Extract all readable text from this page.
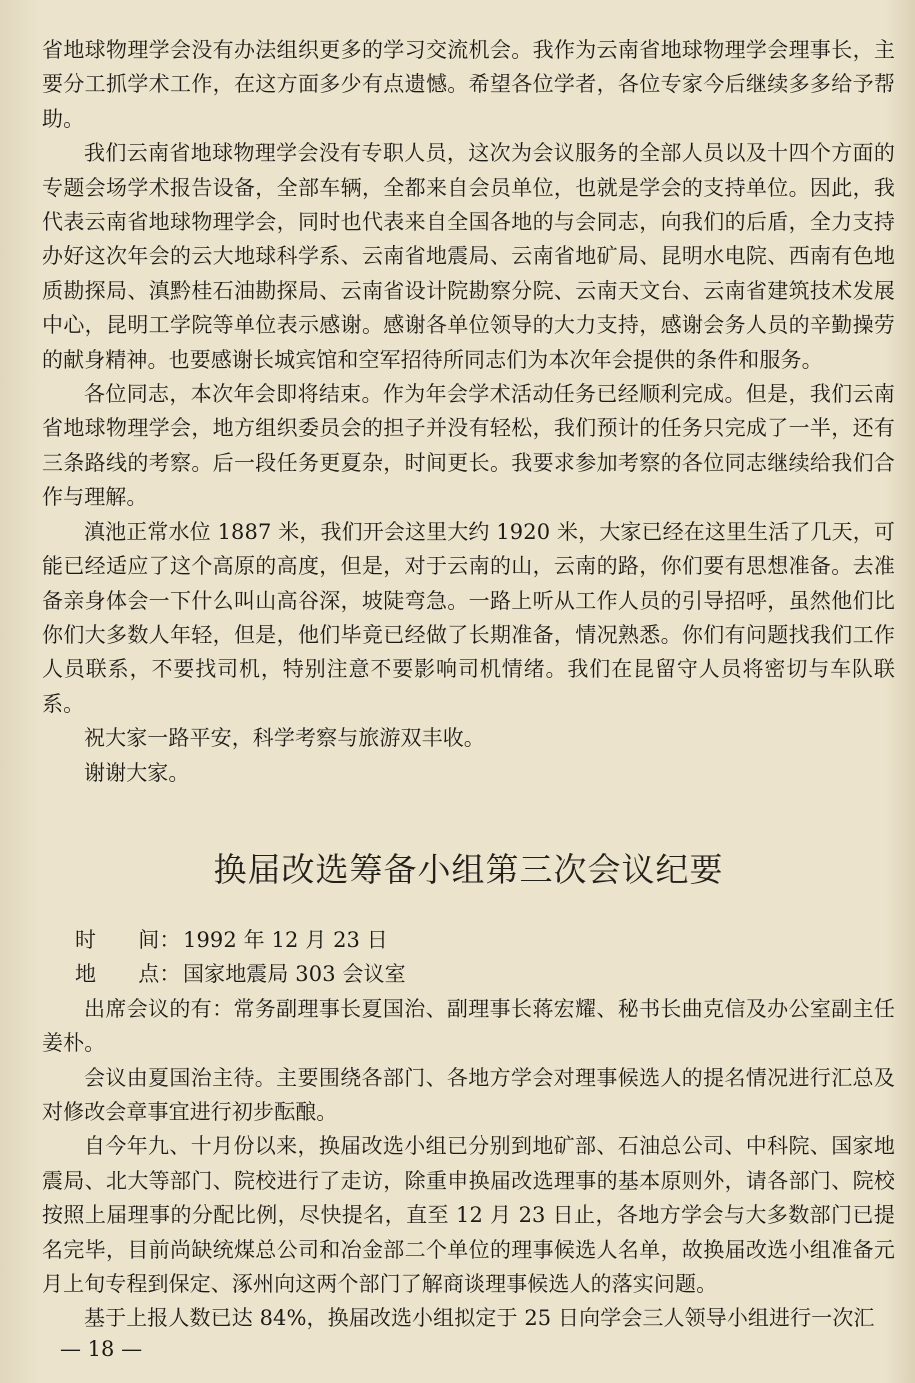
省地球物理学会没有办法组织更多的学习交流机会。我作为云南省地球物理学会理事长，主要分工抓学术工作，在这方面多少有点遗憾。希望各位学者，各位专家今后继续多多给予帮助。

我们云南省地球物理学会没有专职人员，这次为会议服务的全部人员以及十四个方面的专题会场学术报告设备，全部车辆，全都来自会员单位，也就是学会的支持单位。因此，我代表云南省地球物理学会，同时也代表来自全国各地的与会同志，向我们的后盾，全力支持办好这次年会的云大地球科学系、云南省地震局、云南省地矿局、昆明水电院、西南有色地质勘探局、滇黔桂石油勘探局、云南省设计院勘察分院、云南天文台、云南省建筑技术发展中心，昆明工学院等单位表示感谢。感谢各单位领导的大力支持，感谢会务人员的辛勤操劳的献身精神。也要感谢长城宾馆和空军招待所同志们为本次年会提供的条件和服务。

各位同志，本次年会即将结束。作为年会学术活动任务已经顺利完成。但是，我们云南省地球物理学会，地方组织委员会的担子并没有轻松，我们预计的任务只完成了一半，还有三条路线的考察。后一段任务更夏杂，时间更长。我要求参加考察的各位同志继续给我们合作与理解。

滇池正常水位 1887 米，我们开会这里大约 1920 米，大家已经在这里生活了几天，可能已经适应了这个高原的高度，但是，对于云南的山，云南的路，你们要有思想准备。去准备亲身体会一下什么叫山高谷深，坡陡弯急。一路上听从工作人员的引导招呼，虽然他们比你们大多数人年轻，但是，他们毕竟已经做了长期准备，情况熟悉。你们有问题找我们工作人员联系，不要找司机，特别注意不要影响司机情绪。我们在昆留守人员将密切与车队联系。

祝大家一路平安，科学考察与旅游双丰收。

谢谢大家。

换届改选筹备小组第三次会议纪要
时　　间： 1992 年 12 月 23 日
地　　点： 国家地震局 303 会议室

出席会议的有：常务副理事长夏国治、副理事长蒋宏耀、秘书长曲克信及办公室副主任姜朴。

会议由夏国治主待。主要围绕各部门、各地方学会对理事候选人的提名情况进行汇总及对修改会章事宜进行初步酝酿。

自今年九、十月份以来，换届改选小组已分别到地矿部、石油总公司、中科院、国家地震局、北大等部门、院校进行了走访，除重申换届改选理事的基本原则外，请各部门、院校按照上届理事的分配比例，尽快提名，直至 12 月 23 日止，各地方学会与大多数部门已提名完毕，目前尚缺统煤总公司和冶金部二个单位的理事候选人名单，故换届改选小组准备元月上旬专程到保定、涿州向这两个部门了解商谈理事候选人的落实问题。

基于上报人数已达 84%，换届改选小组拟定于 25 日向学会三人领导小组进行一次汇

— 18 —
